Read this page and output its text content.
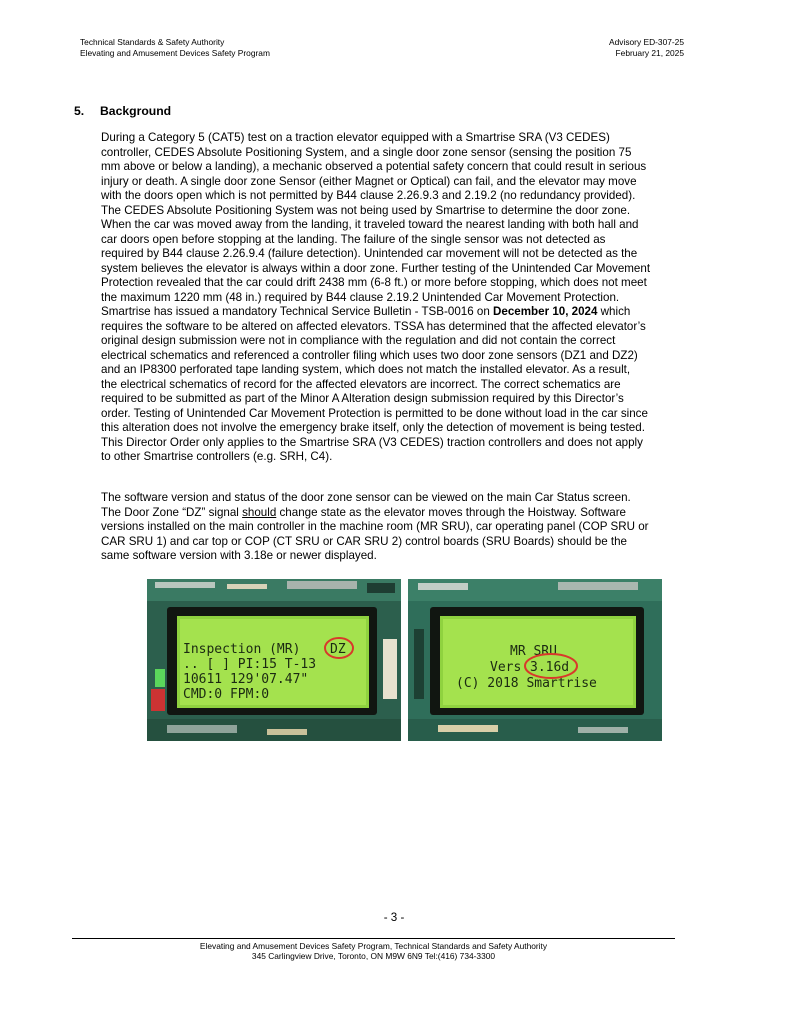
Technical Standards & Safety Authority
Elevating and Amusement Devices Safety Program
Advisory ED-307-25
February 21, 2025
5. Background
During a Category 5 (CAT5) test on a traction elevator equipped with a Smartrise SRA (V3 CEDES)
controller, CEDES Absolute Positioning System, and a single door zone sensor (sensing the position 75
mm above or below a landing), a mechanic observed a potential safety concern that could result in serious
injury or death. A single door zone Sensor (either Magnet or Optical) can fail, and the elevator may move
with the doors open which is not permitted by B44 clause 2.26.9.3 and 2.19.2 (no redundancy provided).
The CEDES Absolute Positioning System was not being used by Smartrise to determine the door zone.
When the car was moved away from the landing, it traveled toward the nearest landing with both hall and
car doors open before stopping at the landing. The failure of the single sensor was not detected as
required by B44 clause 2.26.9.4 (failure detection). Unintended car movement will not be detected as the
system believes the elevator is always within a door zone. Further testing of the Unintended Car Movement
Protection revealed that the car could drift 2438 mm (6-8 ft.) or more before stopping, which does not meet
the maximum 1220 mm (48 in.) required by B44 clause 2.19.2 Unintended Car Movement Protection.
Smartrise has issued a mandatory Technical Service Bulletin - TSB-0016 on December 10, 2024 which
requires the software to be altered on affected elevators. TSSA has determined that the affected elevator’s
original design submission were not in compliance with the regulation and did not contain the correct
electrical schematics and referenced a controller filing which uses two door zone sensors (DZ1 and DZ2)
and an IP8300 perforated tape landing system, which does not match the installed elevator. As a result,
the electrical schematics of record for the affected elevators are incorrect. The correct schematics are
required to be submitted as part of the Minor A Alteration design submission required by this Director’s
order. Testing of Unintended Car Movement Protection is permitted to be done without load in the car since
this alteration does not involve the emergency brake itself, only the detection of movement is being tested.
This Director Order only applies to the Smartrise SRA (V3 CEDES) traction controllers and does not apply
to other Smartrise controllers (e.g. SRH, C4).
The software version and status of the door zone sensor can be viewed on the main Car Status screen.
The Door Zone “DZ” signal should change state as the elevator moves through the Hoistway. Software
versions installed on the main controller in the machine room (MR SRU), car operating panel (COP SRU or
CAR SRU 1) and car top or COP (CT SRU or CAR SRU 2) control boards (SRU Boards) should be the
same software version with 3.18e or newer displayed.
Inspection (MR)
.. [ ] PI:15 T-13
10611 129'07.47"
CMD:0 FPM:0
DZ	MR SRU
Vers 3.16d
(C) 2018 Smartrise
- 3 -
Elevating and Amusement Devices Safety Program, Technical Standards and Safety Authority
345 Carlingview Drive, Toronto, ON M9W 6N9 Tel:(416) 734-3300
